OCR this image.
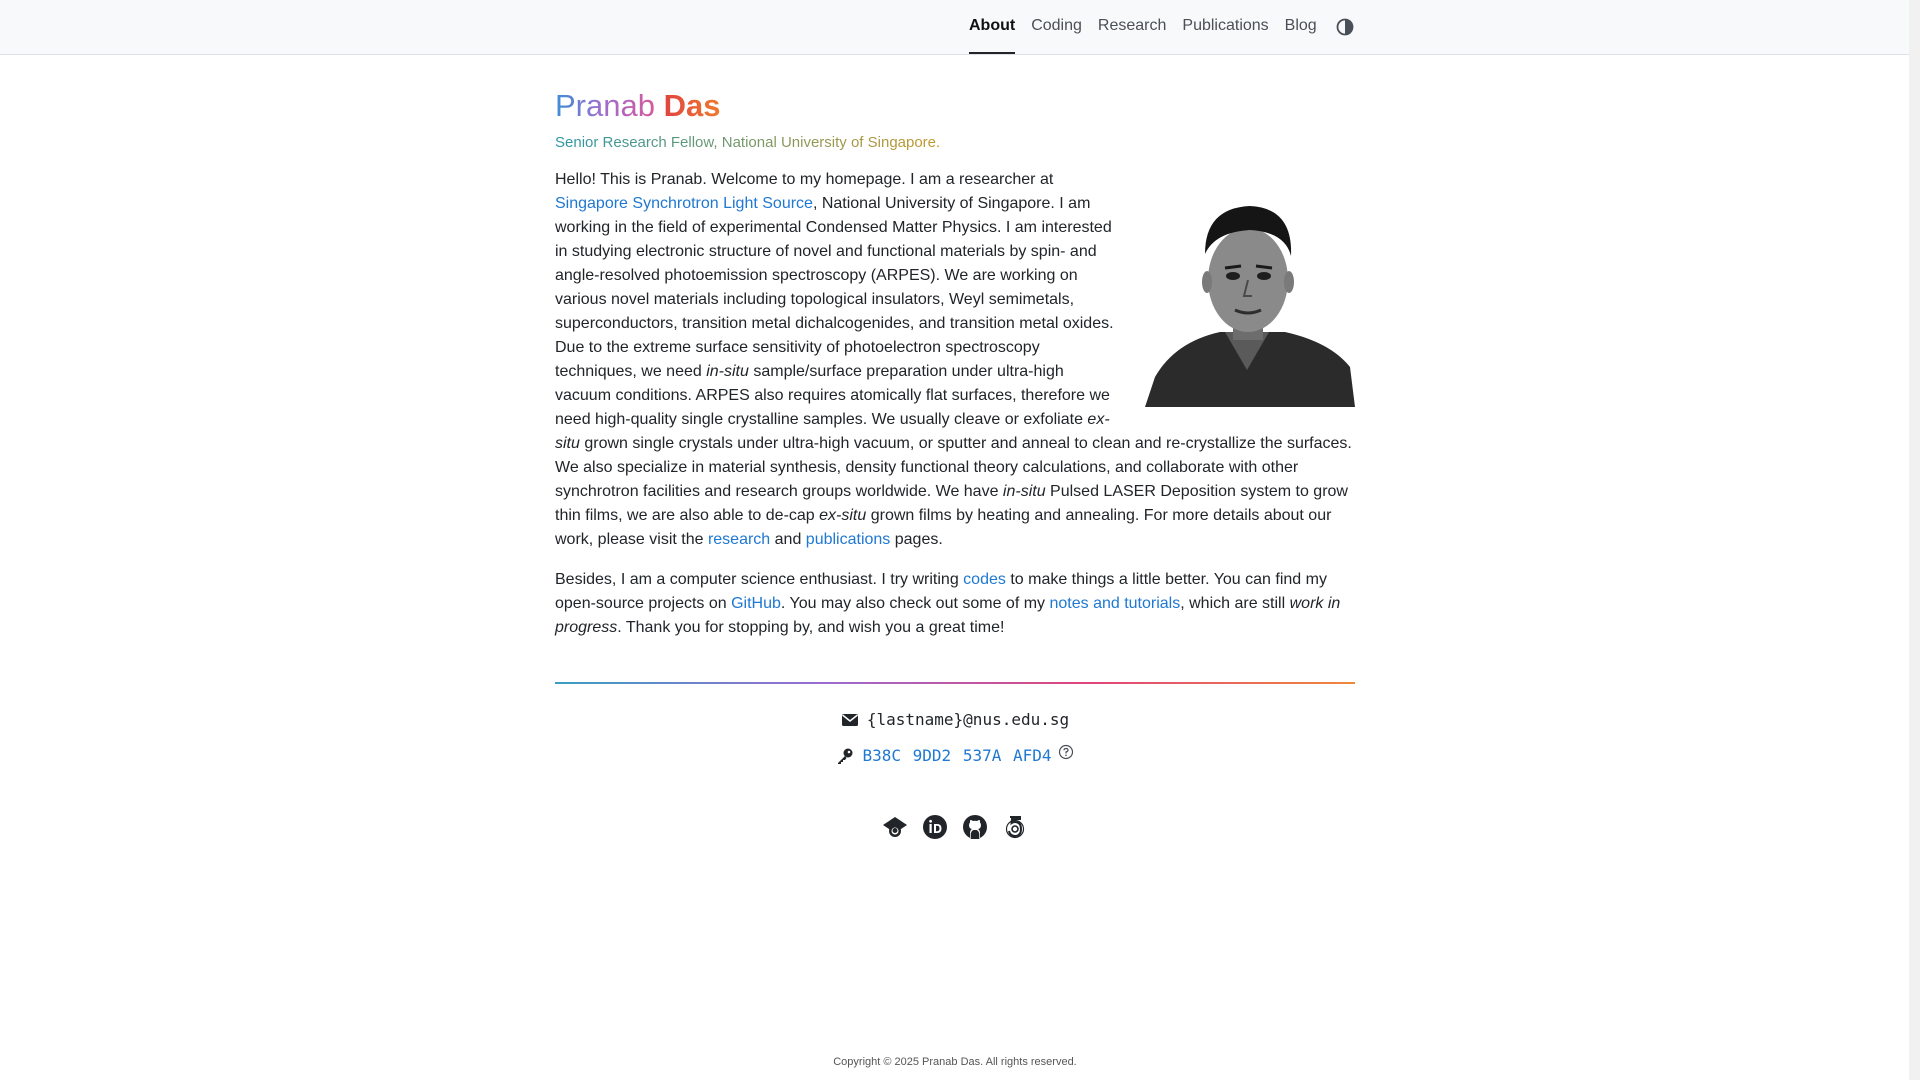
About Coding Research Publications Blog
Pranab Das
Senior Research Fellow, National University of Singapore.

Hello! This is Pranab. Welcome to my homepage. I am a researcher at Singapore Synchrotron Light Source, National University of Singapore. I am working in the field of experimental Condensed Matter Physics. I am interested in studying electronic structure of novel and functional materials by spin- and angle-resolved photoemission spectroscopy (ARPES). We are working on various novel materials including topological insulators, Weyl semimetals, superconductors, transition metal dichalcogenides, and transition metal oxides. Due to the extreme surface sensitivity of photoelectron spectroscopy techniques, we need in-situ sample/surface preparation under ultra-high vacuum conditions. ARPES also requires atomically flat surfaces, therefore we need high-quality single crystalline samples. We usually cleave or exfoliate ex-situ grown single crystals under ultra-high vacuum, or sputter and anneal to clean and re-crystallize the surfaces. We also specialize in material synthesis, density functional theory calculations, and collaborate with other synchrotron facilities and research groups worldwide. We have in-situ Pulsed LASER Deposition system to grow thin films, we are also able to de-cap ex-situ grown films by heating and annealing. For more details about our work, please visit the research and publications pages.

Besides, I am a computer science enthusiast. I try writing codes to make things a little better. You can find my open-source projects on GitHub. You may also check out some of my notes and tutorials, which are still work in progress. Thank you for stopping by, and wish you a great time!

{lastname}@nus.edu.sg
B38C 9DD2 537A AFD4
Copyright © 2025 Pranab Das. All rights reserved.
